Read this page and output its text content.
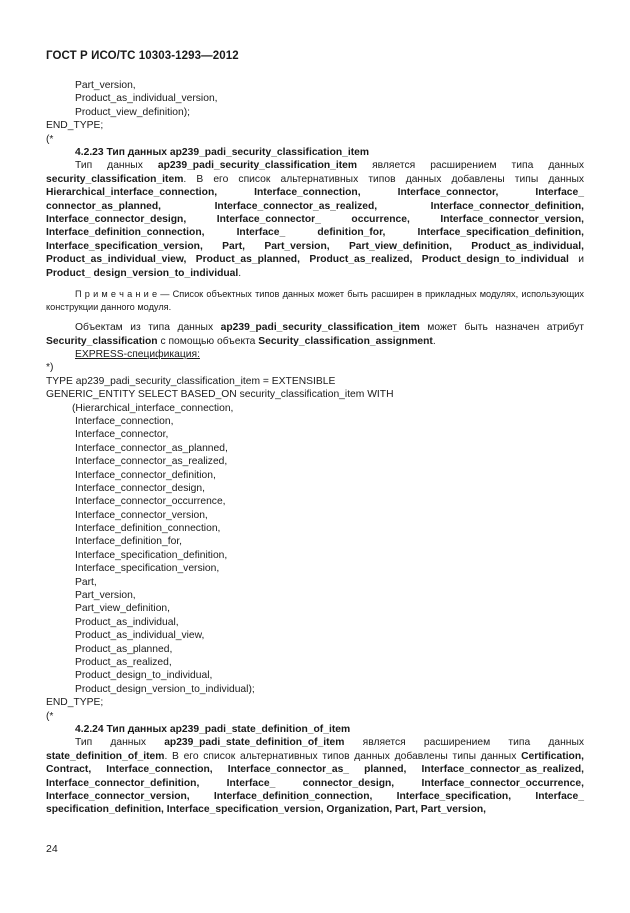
ГОСТ Р ИСО/ТС 10303-1293—2012
Part_version,
Product_as_individual_version,
Product_view_definition);
END_TYPE;
(*
4.2.23 Тип данных ap239_padi_security_classification_item

Тип данных ap239_padi_security_classification_item является расширением типа данных security_classification_item. В его список альтернативных типов данных добавлены типы данных Hierarchical_interface_connection, Interface_connection, Interface_connector, Interface_ connector_as_planned, Interface_connector_as_realized, Interface_connector_definition, Interface_connector_design, Interface_connector_ occurrence, Interface_connector_version, Interface_definition_connection, Interface_ definition_for, Interface_specification_definition, Interface_specification_version, Part, Part_version, Part_view_definition, Product_as_individual, Product_as_individual_view, Product_as_planned, Product_as_realized, Product_design_to_individual и Product_ design_version_to_individual.

П р и м е ч а н и е — Список объектных типов данных может быть расширен в прикладных модулях, использующих конструкции данного модуля.

Объектам из типа данных ap239_padi_security_classification_item может быть назначен атрибут Security_classification с помощью объекта Security_classification_assignment.

EXPRESS-спецификация:
*)
TYPE ap239_padi_security_classification_item = EXTENSIBLE
GENERIC_ENTITY SELECT BASED_ON security_classification_item WITH
(Hierarchical_interface_connection,
Interface_connection,
Interface_connector,
Interface_connector_as_planned,
Interface_connector_as_realized,
Interface_connector_definition,
Interface_connector_design,
Interface_connector_occurrence,
Interface_connector_version,
Interface_definition_connection,
Interface_definition_for,
Interface_specification_definition,
Interface_specification_version,
Part,
Part_version,
Part_view_definition,
Product_as_individual,
Product_as_individual_view,
Product_as_planned,
Product_as_realized,
Product_design_to_individual,
Product_design_version_to_individual);
END_TYPE;
(*
4.2.24 Тип данных ap239_padi_state_definition_of_item

Тип данных ap239_padi_state_definition_of_item является расширением типа данных state_definition_of_item. В его список альтернативных типов данных добавлены типы данных Certification, Contract, Interface_connection, Interface_connector_as_ planned, Interface_connector_as_realized, Interface_connector_definition, Interface_ connector_design, Interface_connector_occurrence, Interface_connector_version, Interface_definition_connection, Interface_specification, Interface_ specification_definition, Interface_specification_version, Organization, Part, Part_version,

24
